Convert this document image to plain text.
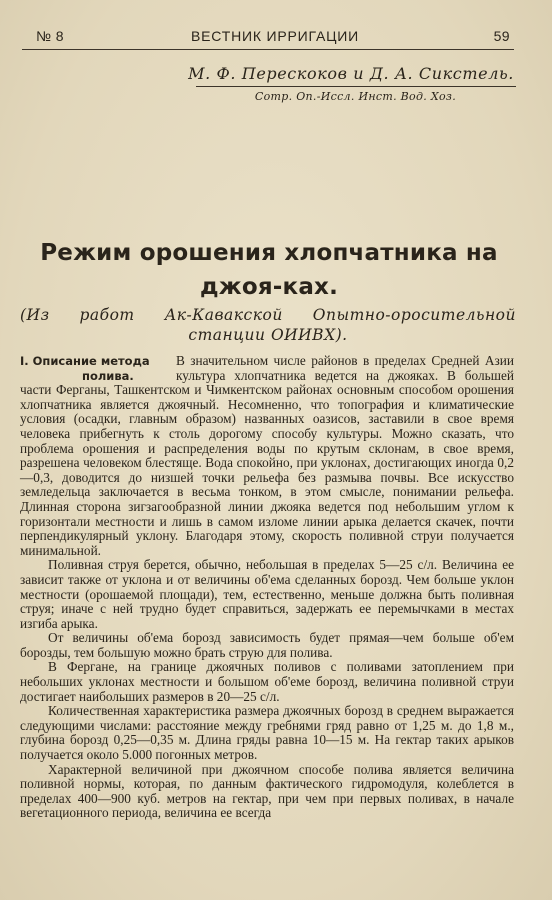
№ 8	ВЕСТНИК ИРРИГАЦИИ	59
М. Ф. Перескоков и Д. А. Сикстель.
Сотр. Оп.-Иссл. Инст. Вод. Хоз.
Режим орошения хлопчатника на джоя-ках.
(Из работ Ак-Кавакской Опытно-оросительной станции ОИИВХ).
I. Описание метода
полива.

В значительном числе районов в пределах Средней Азии культура хлопчатника ведется на джояках. В большей части Ферганы, Ташкентском и Чимкентском районах основным способом орошения хлопчатника является джоячный. Несомненно, что топография и климатические условия (осадки, главным образом) названных оазисов, заставили в свое время человека прибегнуть к столь дорогому способу культуры. Можно сказать, что проблема орошения и распределения воды по крутым склонам, в свое время, разрешена человеком блестяще. Вода спокойно, при уклонах, достигающих иногда 0,2—0,3, доводится до низшей точки рельефа без размыва почвы. Все искусство земледельца заключается в весьма тонком, в этом смысле, понимании рельефа. Длинная сторона зигзагообразной линии джояка ведется под небольшим углом к горизонтали местности и лишь в самом изломе линии арыка делается скачек, почти перпендикулярный уклону. Благодаря этому, скорость поливной струи получается минимальной.

Поливная струя берется, обычно, небольшая в пределах 5—25 с/л. Величина ее зависит также от уклона и от величины об'ема сделанных борозд. Чем больше уклон местности (орошаемой площади), тем, естественно, меньше должна быть поливная струя; иначе с ней трудно будет справиться, задержать ее перемычками в местах изгиба арыка.

От величины об'ема борозд зависимость будет прямая—чем больше об'ем борозды, тем большую можно брать струю для полива.

В Фергане, на границе джоячных поливов с поливами затоплением при небольших уклонах местности и большом об'еме борозд, величина поливной струи достигает наибольших размеров в 20—25 с/л.

Количественная характеристика размера джоячных борозд в среднем выражается следующими числами: расстояние между гребнями гряд равно от 1,25 м. до 1,8 м., глубина борозд 0,25—0,35 м. Длина гряды равна 10—15 м. На гектар таких арыков получается около 5.000 погонных метров.

Характерной величиной при джоячном способе полива является величина поливной нормы, которая, по данным фактического гидромодуля, колеблется в пределах 400—900 куб. метров на гектар, при чем при первых поливах, в начале вегетационного периода, величина ее всегда
